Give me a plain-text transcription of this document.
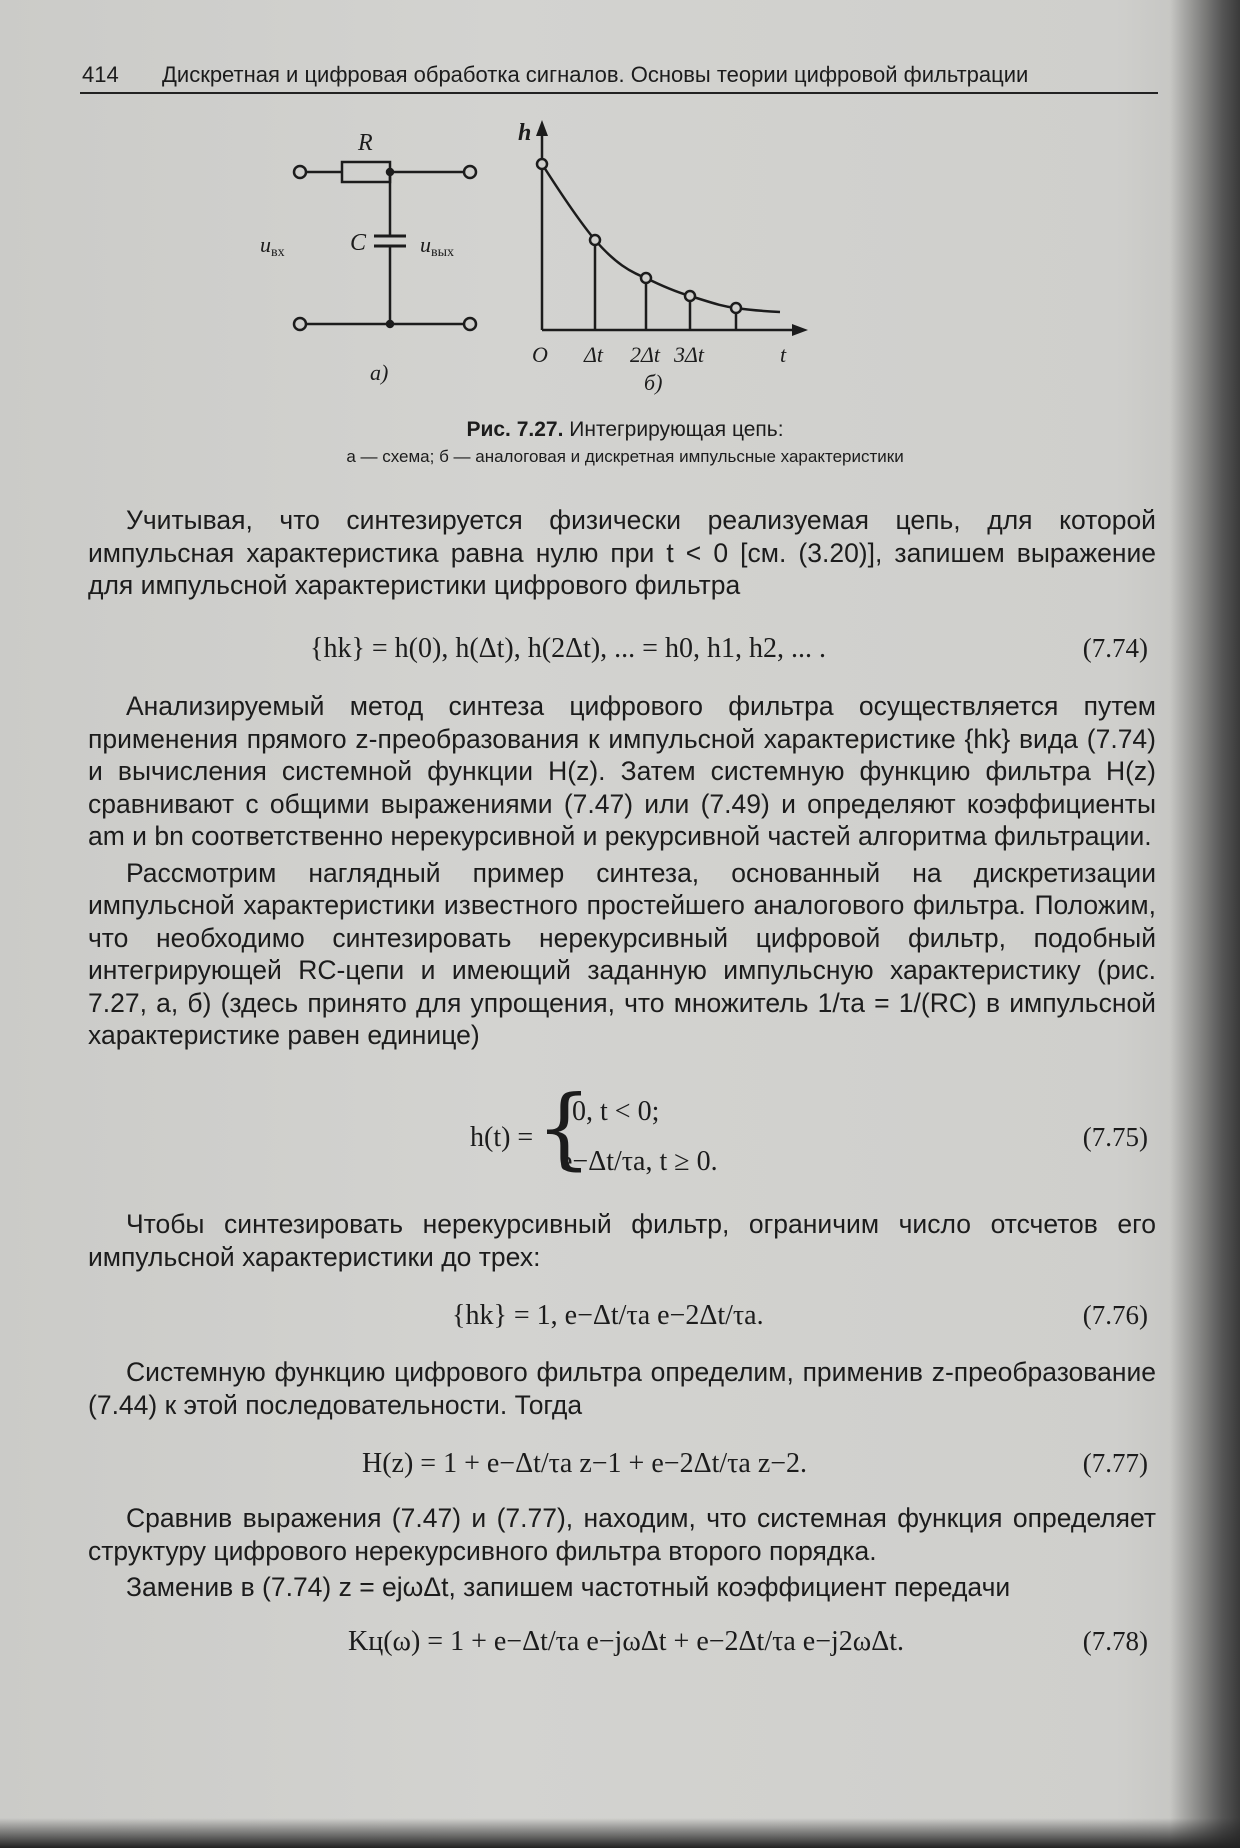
414 Дискретная и цифровая обработка сигналов. Основы теории цифровой фильтрации
R
C
uвх	uвых
а)
h
O Δt 2Δt 3Δt	t
б)
Рис. 7.27. Интегрирующая цепь:
а — схема; б — аналоговая и дискретная импульсные характеристики

Учитывая, что синтезируется физически реализуемая цепь, для которой импульсная характеристика равна нулю при t < 0 [см. (3.20)], запишем выражение для импульсной характеристики цифрового фильтра

{hk} = h(0), h(Δt), h(2Δt), ... = h0, h1, h2, ... .	(7.74)

Анализируемый метод синтеза цифрового фильтра осуществляется путем применения прямого z-преобразования к импульсной характеристике {hk} вида (7.74) и вычисления системной функции H(z). Затем системную функцию фильтра H(z) сравнивают с общими выражениями (7.47) или (7.49) и определяют коэффициенты am и bn соответственно нерекурсивной и рекурсивной частей алгоритма фильтрации.

Рассмотрим наглядный пример синтеза, основанный на дискретизации импульсной характеристики известного простейшего аналогового фильтра. Положим, что необходимо синтезировать нерекурсивный цифровой фильтр, подобный интегрирующей RC-цепи и имеющий заданную импульсную характеристику (рис. 7.27, а, б) (здесь принято для упрощения, что множитель 1/τа = 1/(RC) в импульсной характеристике равен единице)

h(t) = {
0, t < 0;
e−Δt/τа, t ≥ 0.
(7.75)

Чтобы синтезировать нерекурсивный фильтр, ограничим число отсчетов его импульсной характеристики до трех:

{hk} = 1, e−Δt/τа e−2Δt/τа.	(7.76)

Системную функцию цифрового фильтра определим, применив z-преобразование (7.44) к этой последовательности. Тогда

H(z) = 1 + e−Δt/τа z−1 + e−2Δt/τа z−2.	(7.77)

Сравнив выражения (7.47) и (7.77), находим, что системная функция определяет структуру цифрового нерекурсивного фильтра второго порядка.

Заменив в (7.74) z = ejωΔt, запишем частотный коэффициент передачи

Kц(ω) = 1 + e−Δt/τа e−jωΔt + e−2Δt/τа e−j2ωΔt.	(7.78)
